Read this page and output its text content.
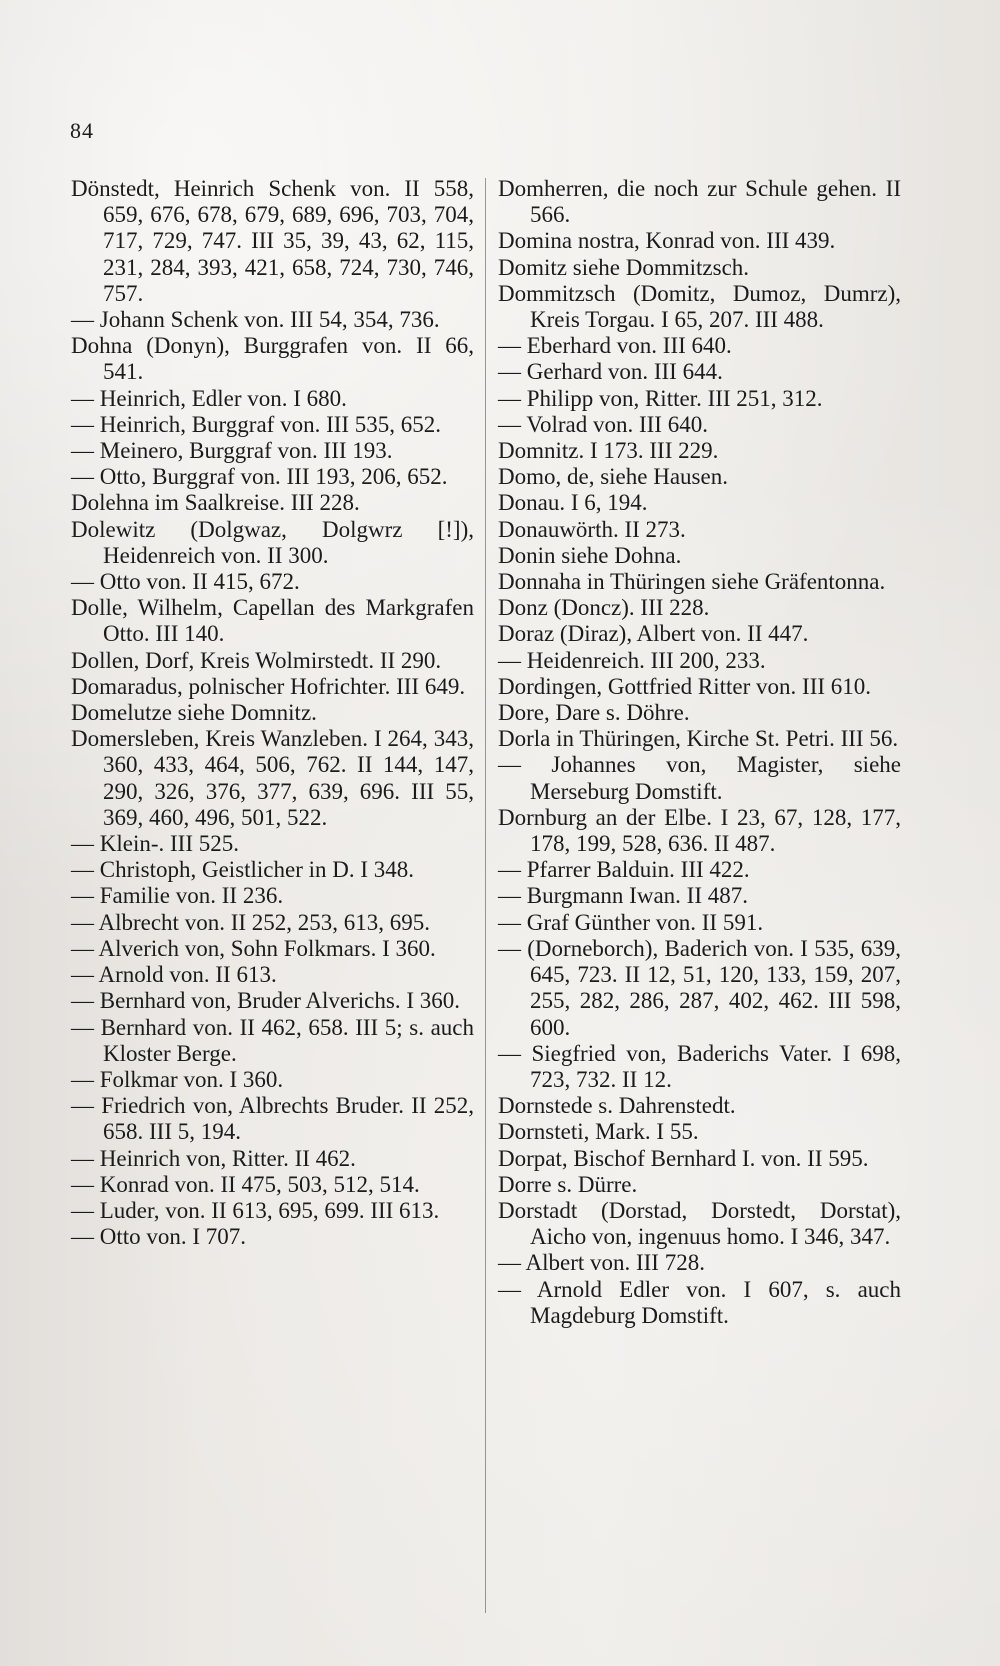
84

Dönstedt, Heinrich Schenk von. II 558, 659, 676, 678, 679, 689, 696, 703, 704, 717, 729, 747. III 35, 39, 43, 62, 115, 231, 284, 393, 421, 658, 724, 730, 746, 757.

— Johann Schenk von. III 54, 354, 736.

Dohna (Donyn), Burggrafen von. II 66, 541.

— Heinrich, Edler von. I 680.

— Heinrich, Burggraf von. III 535, 652.

— Meinero, Burggraf von. III 193.

— Otto, Burggraf von. III 193, 206, 652.

Dolehna im Saalkreise. III 228.

Dolewitz (Dolgwaz, Dolgwrz [!]), Heidenreich von. II 300.

— Otto von. II 415, 672.

Dolle, Wilhelm, Capellan des Markgrafen Otto. III 140.

Dollen, Dorf, Kreis Wolmirstedt. II 290.

Domaradus, polnischer Hofrichter. III 649.

Domelutze siehe Domnitz.

Domersleben, Kreis Wanzleben. I 264, 343, 360, 433, 464, 506, 762. II 144, 147, 290, 326, 376, 377, 639, 696. III 55, 369, 460, 496, 501, 522.

— Klein-. III 525.

— Christoph, Geistlicher in D. I 348.

— Familie von. II 236.

— Albrecht von. II 252, 253, 613, 695.

— Alverich von, Sohn Folkmars. I 360.

— Arnold von. II 613.

— Bernhard von, Bruder Alverichs. I 360.

— Bernhard von. II 462, 658. III 5; s. auch Kloster Berge.

— Folkmar von. I 360.

— Friedrich von, Albrechts Bruder. II 252, 658. III 5, 194.

— Heinrich von, Ritter. II 462.

— Konrad von. II 475, 503, 512, 514.

— Luder, von. II 613, 695, 699. III 613.

— Otto von. I 707.

Domherren, die noch zur Schule gehen. II 566.

Domina nostra, Konrad von. III 439.

Domitz siehe Dommitzsch.

Dommitzsch (Domitz, Dumoz, Dumrz), Kreis Torgau. I 65, 207. III 488.

— Eberhard von. III 640.

— Gerhard von. III 644.

— Philipp von, Ritter. III 251, 312.

— Volrad von. III 640.

Domnitz. I 173. III 229.

Domo, de, siehe Hausen.

Donau. I 6, 194.

Donauwörth. II 273.

Donin siehe Dohna.

Donnaha in Thüringen siehe Gräfentonna.

Donz (Doncz). III 228.

Doraz (Diraz), Albert von. II 447.

— Heidenreich. III 200, 233.

Dordingen, Gottfried Ritter von. III 610.

Dore, Dare s. Döhre.

Dorla in Thüringen, Kirche St. Petri. III 56.

— Johannes von, Magister, siehe Merseburg Domstift.

Dornburg an der Elbe. I 23, 67, 128, 177, 178, 199, 528, 636. II 487.

— Pfarrer Balduin. III 422.

— Burgmann Iwan. II 487.

— Graf Günther von. II 591.

— (Dorneborch), Baderich von. I 535, 639, 645, 723. II 12, 51, 120, 133, 159, 207, 255, 282, 286, 287, 402, 462. III 598, 600.

— Siegfried von, Baderichs Vater. I 698, 723, 732. II 12.

Dornstede s. Dahrenstedt.

Dornsteti, Mark. I 55.

Dorpat, Bischof Bernhard I. von. II 595.

Dorre s. Dürre.

Dorstadt (Dorstad, Dorstedt, Dorstat), Aicho von, ingenuus homo. I 346, 347.

— Albert von. III 728.

— Arnold Edler von. I 607, s. auch Magdeburg Domstift.
